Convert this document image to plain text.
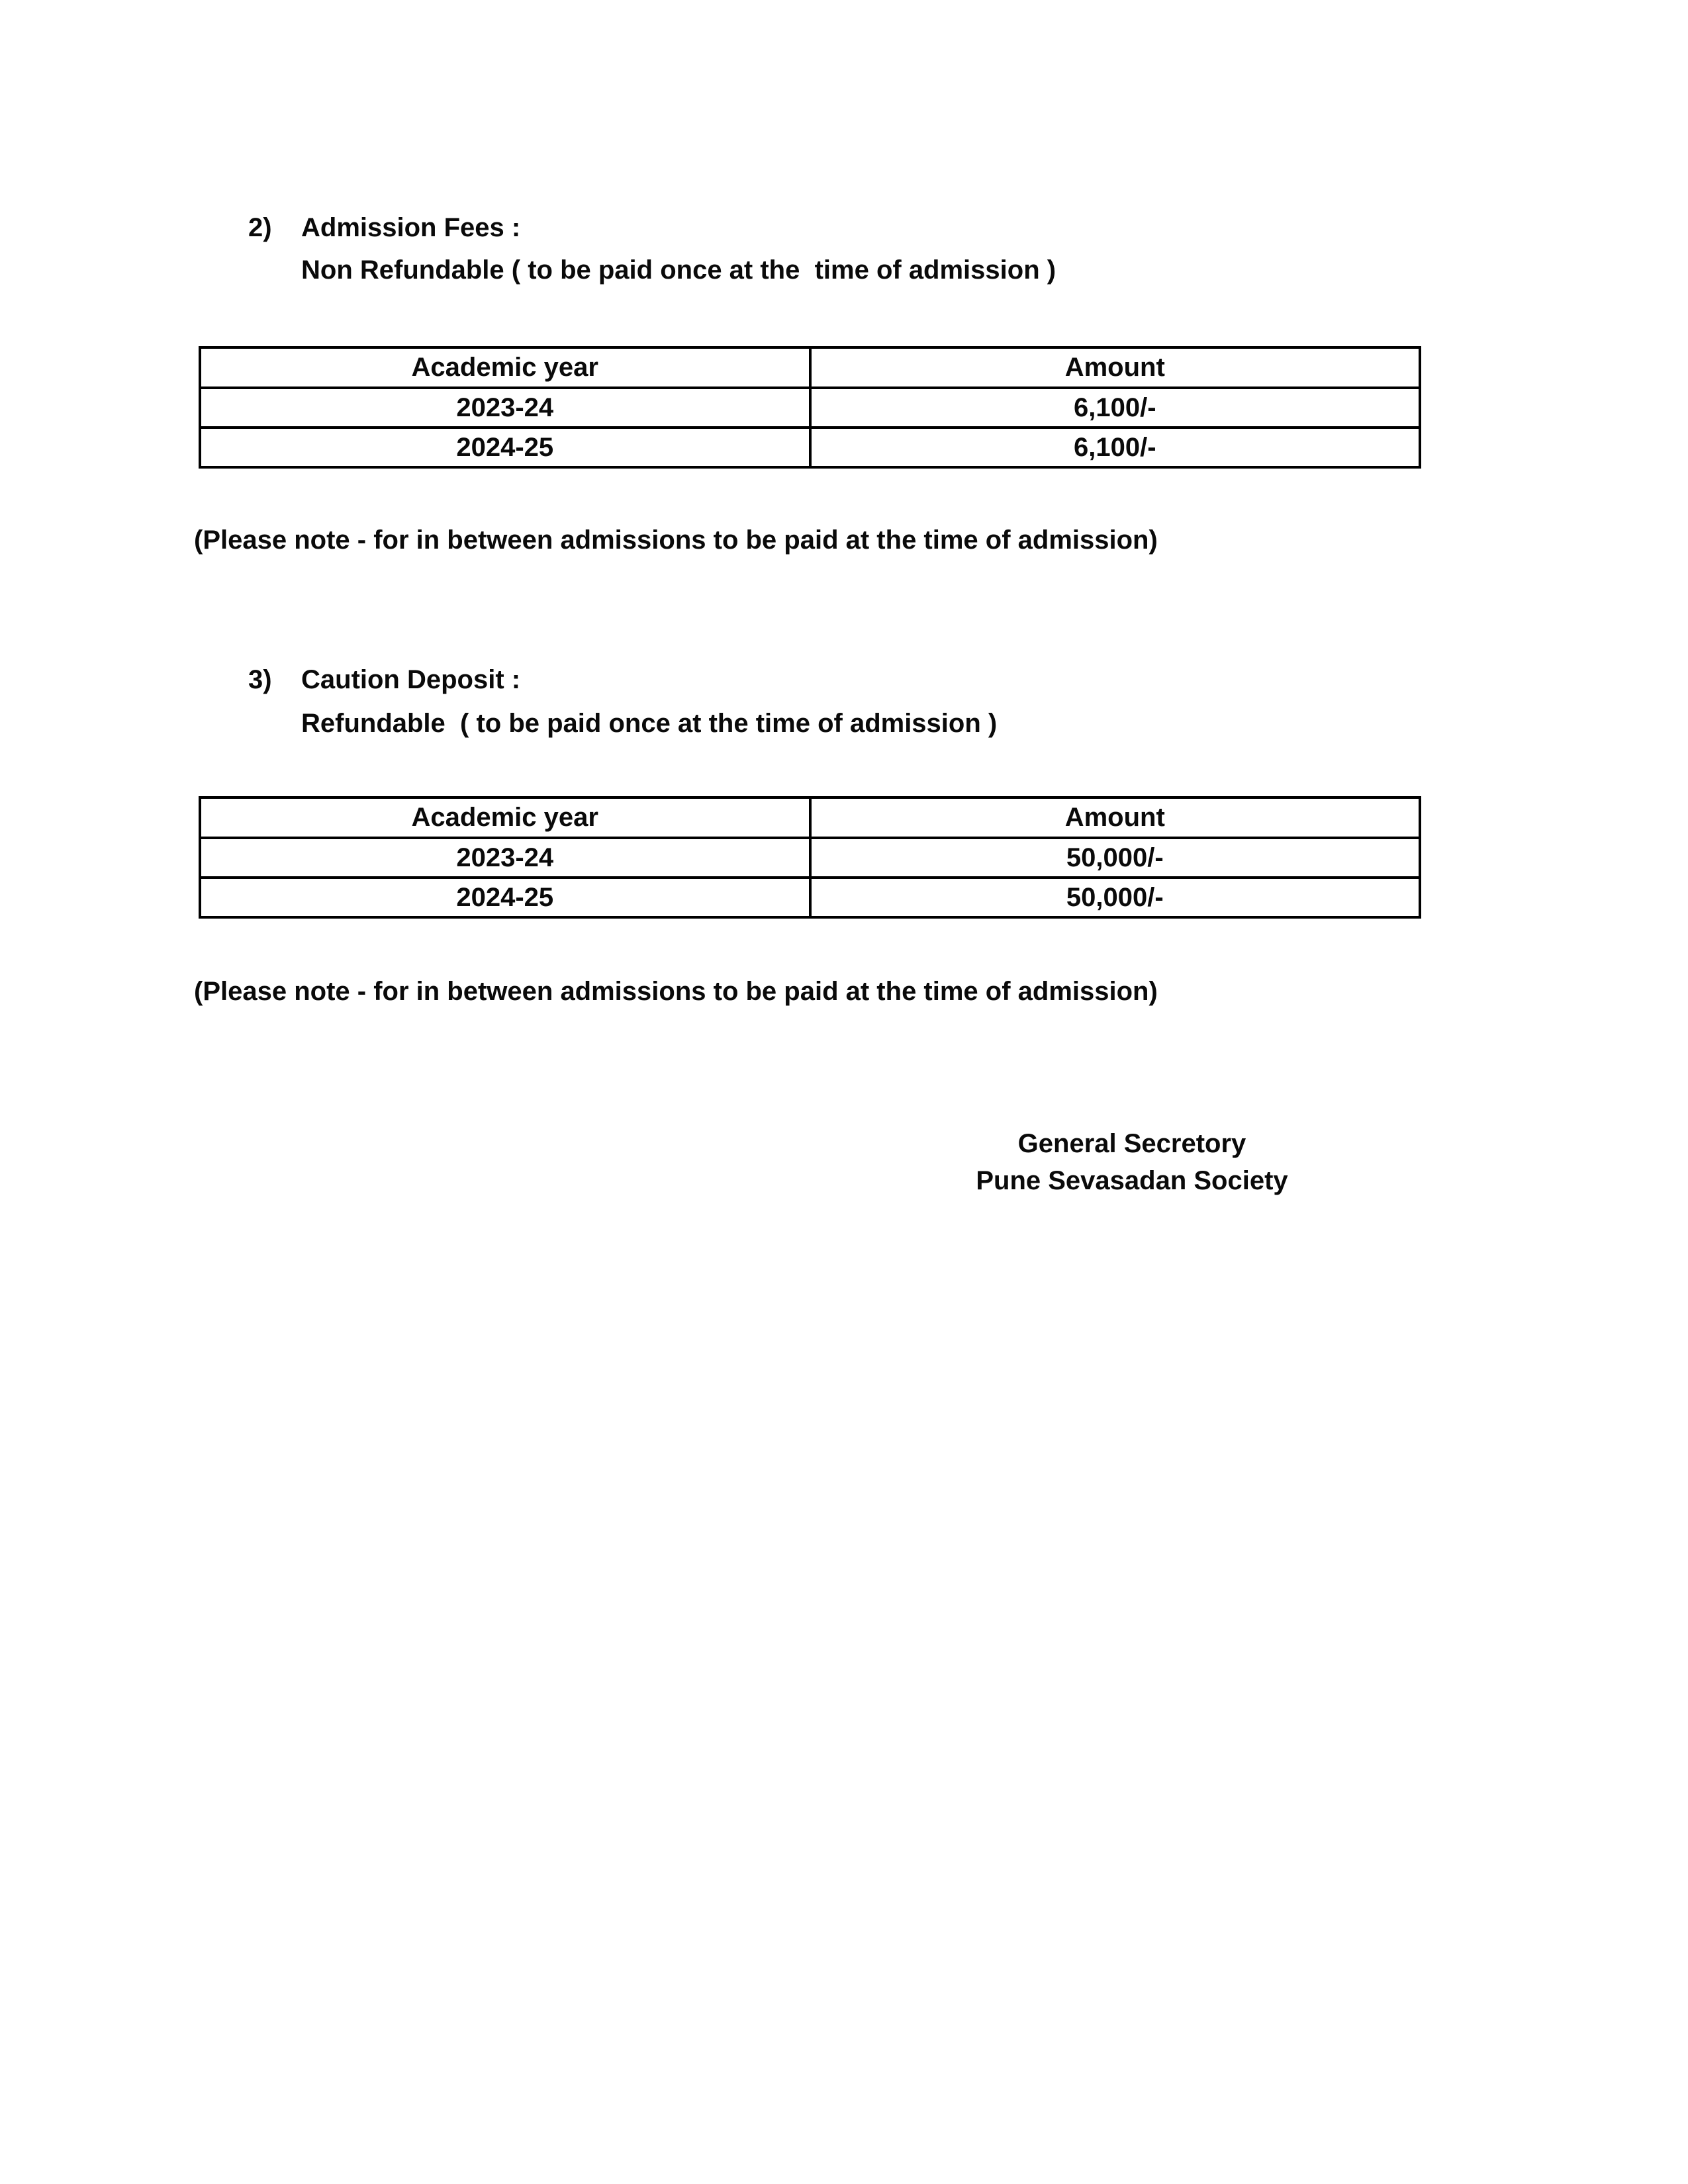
2)	Admission Fees :
Non Refundable ( to be paid once at the  time of admission )
Academic year	Amount
2023-24	6,100/-
2024-25	6,100/-
(Please note - for in between admissions to be paid at the time of admission)
3)	Caution Deposit :
Refundable  ( to be paid once at the time of admission )
Academic year	Amount
2023-24	50,000/-
2024-25	50,000/-
(Please note - for in between admissions to be paid at the time of admission)
General Secretory
Pune Sevasadan Society
